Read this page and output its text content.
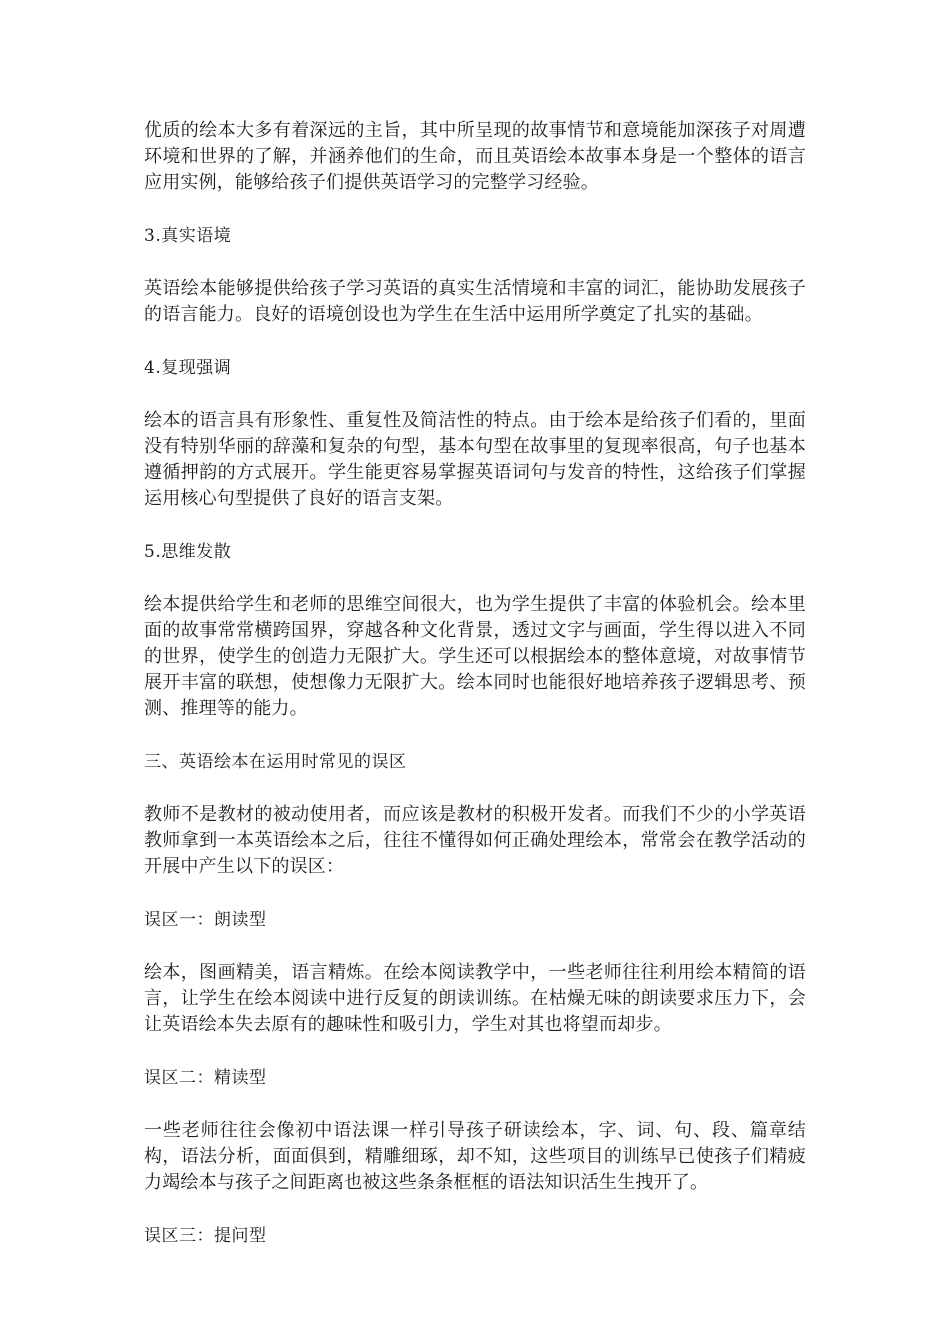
优质的绘本大多有着深远的主旨，其中所呈现的故事情节和意境能加深孩子对周遭环境和世界的了解，并涵养他们的生命，而且英语绘本故事本身是一个整体的语言应用实例，能够给孩子们提供英语学习的完整学习经验。

3.真实语境

英语绘本能够提供给孩子学习英语的真实生活情境和丰富的词汇，能协助发展孩子的语言能力。良好的语境创设也为学生在生活中运用所学奠定了扎实的基础。

4.复现强调

绘本的语言具有形象性、重复性及简洁性的特点。由于绘本是给孩子们看的，里面没有特别华丽的辞藻和复杂的句型，基本句型在故事里的复现率很高，句子也基本遵循押韵的方式展开。学生能更容易掌握英语词句与发音的特性，这给孩子们掌握运用核心句型提供了良好的语言支架。

5.思维发散

绘本提供给学生和老师的思维空间很大，也为学生提供了丰富的体验机会。绘本里面的故事常常横跨国界，穿越各种文化背景，透过文字与画面，学生得以进入不同的世界，使学生的创造力无限扩大。学生还可以根据绘本的整体意境，对故事情节展开丰富的联想，使想像力无限扩大。绘本同时也能很好地培养孩子逻辑思考、预测、推理等的能力。

三、英语绘本在运用时常见的误区

教师不是教材的被动使用者，而应该是教材的积极开发者。而我们不少的小学英语教师拿到一本英语绘本之后，往往不懂得如何正确处理绘本，常常会在教学活动的开展中产生以下的误区：

误区一：朗读型

绘本，图画精美，语言精炼。在绘本阅读教学中，一些老师往往利用绘本精简的语言，让学生在绘本阅读中进行反复的朗读训练。在枯燥无味的朗读要求压力下，会让英语绘本失去原有的趣味性和吸引力，学生对其也将望而却步。

误区二：精读型

一些老师往往会像初中语法课一样引导孩子研读绘本，字、词、句、段、篇章结构，语法分析，面面俱到，精雕细琢，却不知，这些项目的训练早已使孩子们精疲力竭绘本与孩子之间距离也被这些条条框框的语法知识活生生拽开了。

误区三：提问型
